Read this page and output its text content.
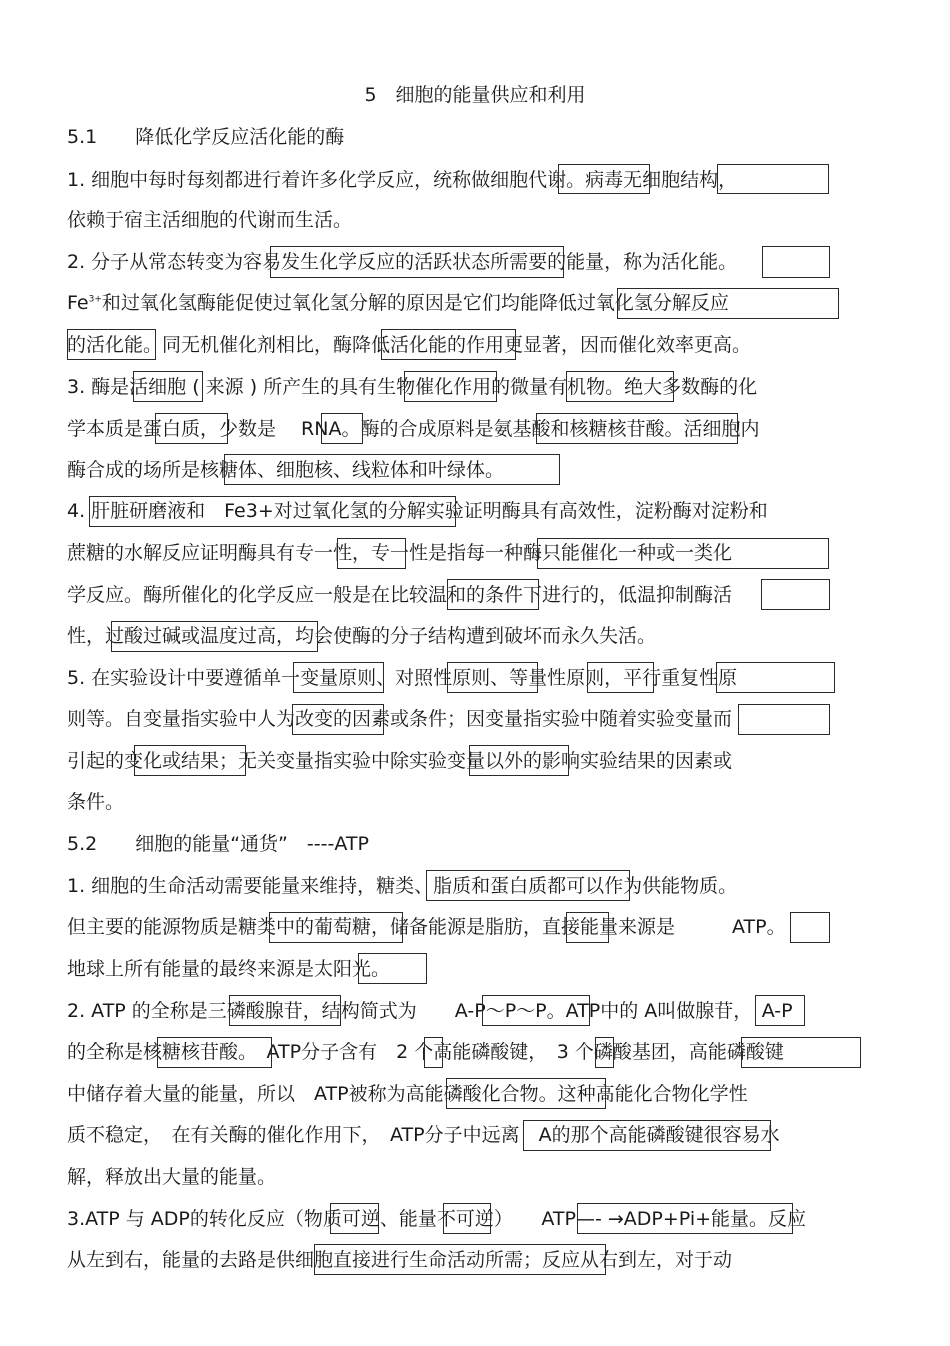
5　细胞的能量供应和利用
5.1　　降低化学反应活化能的酶
1. 细胞中每时每刻都进行着许多化学反应，统称做细胞代谢。病毒无细胞结构，
依赖于宿主活细胞的代谢而生活。
2. 分子从常态转变为容易发生化学反应的活跃状态所需要的能量，称为活化能。
$Fe^{3+}$和过氧化氢酶能促使过氧化氢分解的原因是它们均能降低过氧化氢分解反应
的活化能。同无机催化剂相比，酶降低活化能的作用更显著，因而催化效率更高。
3. 酶是活细胞 ( 来源 ) 所产生的具有生物催化作用的微量有机物。绝大多数酶的化
学本质是蛋白质，少数是　 RNA。酶的合成原料是氨基酸和核糖核苷酸。活细胞内
酶合成的场所是核糖体、细胞核、线粒体和叶绿体。
4. 肝脏研磨液和　Fe3+对过氧化氢的分解实验证明酶具有高效性，淀粉酶对淀粉和
蔗糖的水解反应证明酶具有专一性，专一性是指每一种酶只能催化一种或一类化
学反应。酶所催化的化学反应一般是在比较温和的条件下进行的，低温抑制酶活
性，过酸过碱或温度过高，均会使酶的分子结构遭到破坏而永久失活。
5. 在实验设计中要遵循单一变量原则、对照性原则、等量性原则，平行重复性原
则等。自变量指实验中人为改变的因素或条件；因变量指实验中随着实验变量而
引起的变化或结果；无关变量指实验中除实验变量以外的影响实验结果的因素或
条件。
5.2　　细胞的能量“通货”　----ATP
1. 细胞的生命活动需要能量来维持，糖类、脂质和蛋白质都可以作为供能物质。
但主要的能源物质是糖类中的葡萄糖，储备能源是脂肪，直接能量来源是　　　ATP。
地球上所有能量的最终来源是太阳光。
2. ATP 的全称是三磷酸腺苷，结构简式为　　A-P～P～P。ATP中的 A叫做腺苷，　A-P
的全称是核糖核苷酸。　ATP分子含有　2 个高能磷酸键，　3 个磷酸基团，高能磷酸键
中储存着大量的能量，所以　ATP被称为高能磷酸化合物。这种高能化合物化学性
质不稳定，　在有关酶的催化作用下，　ATP分子中远离　A的那个高能磷酸键很容易水
解，释放出大量的能量。
3.ATP 与 ADP的转化反应（物质可逆、能量不可逆）　　ATP—- →ADP+Pi+能量。反应
从左到右，能量的去路是供细胞直接进行生命活动所需；反应从右到左，对于动
